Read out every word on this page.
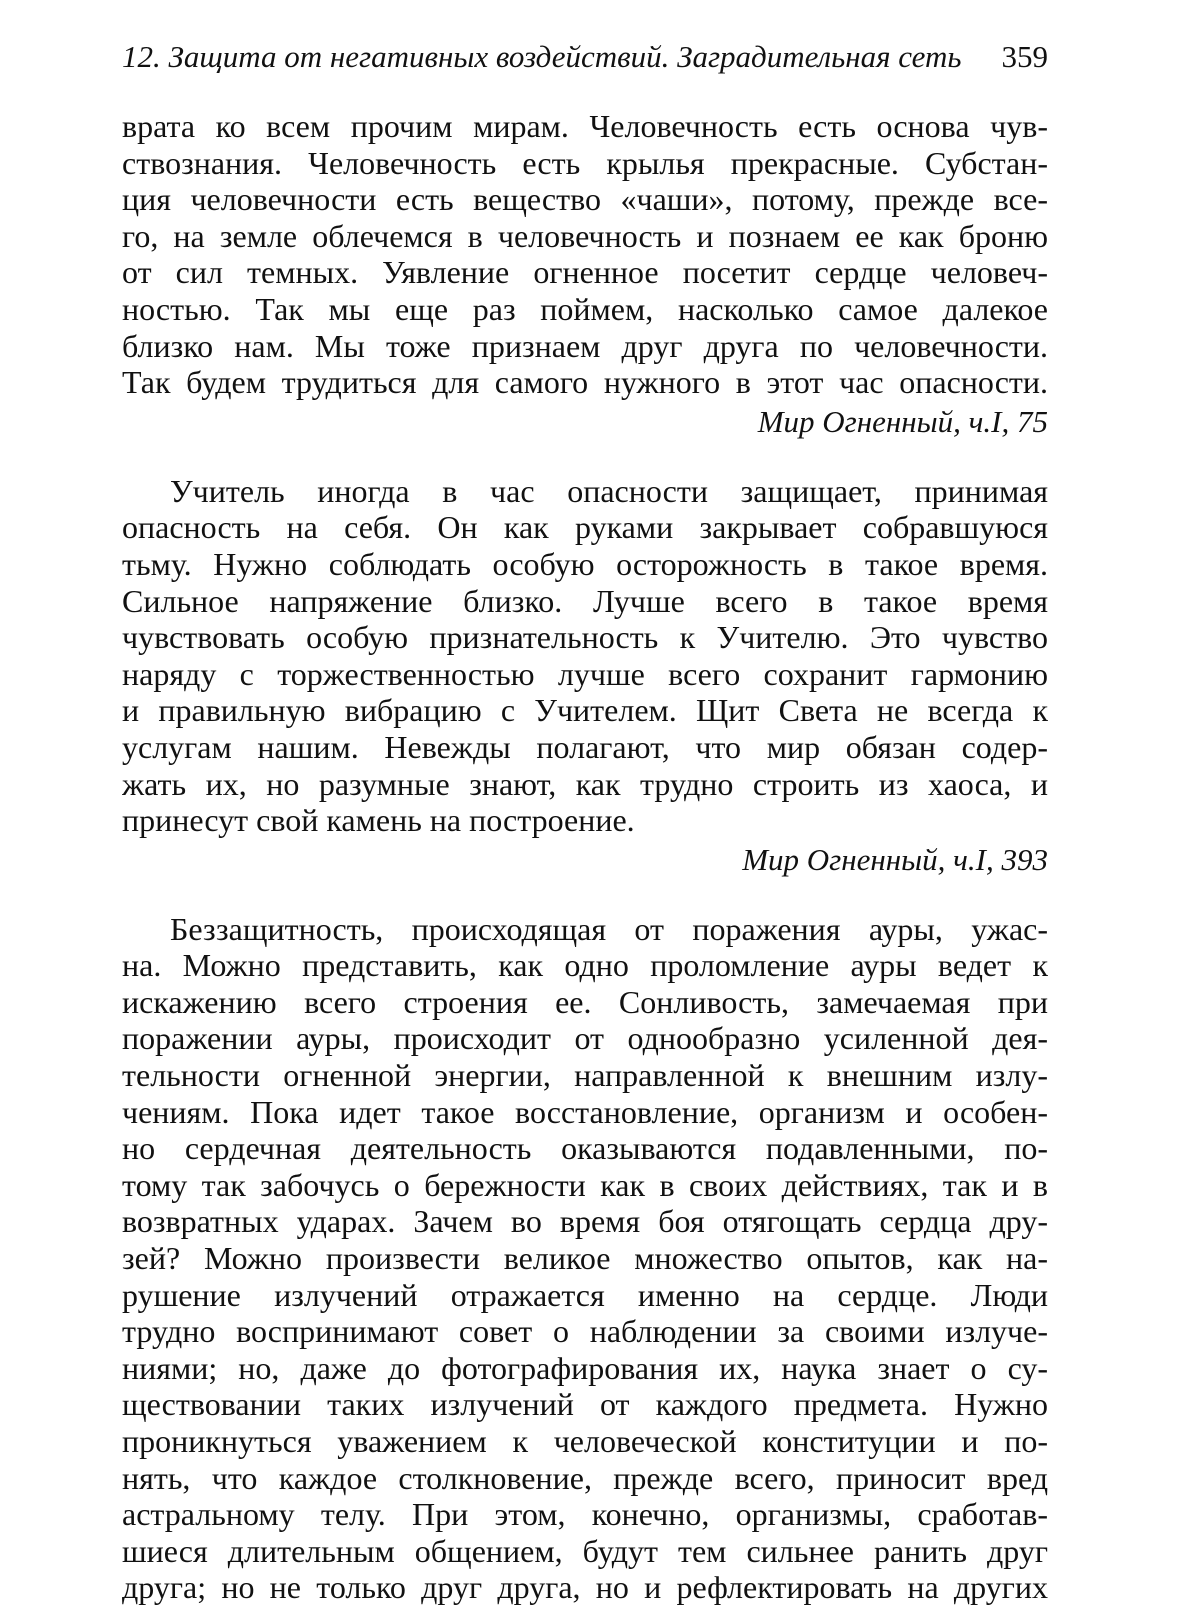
12. Защита от негативных воздействий. Заградительная сеть 359
врата ко всем прочим мирам. Человечность есть основа чув-
ствознания. Человечность есть крылья прекрасные. Субстан-
ция человечности есть вещество «чаши», потому, прежде все-
го, на земле облечемся в человечность и познаем ее как броню
от сил темных. Уявление огненное посетит сердце человеч-
ностью. Так мы еще раз поймем, насколько самое далекое
близко нам. Мы тоже признаем друг друга по человечности.
Так будем трудиться для самого нужного в этот час опасности.
Мир Огненный, ч.I, 75
Учитель иногда в час опасности защищает, принимая
опасность на себя. Он как руками закрывает собравшуюся
тьму. Нужно соблюдать особую осторожность в такое время.
Сильное напряжение близко. Лучше всего в такое время
чувствовать особую признательность к Учителю. Это чувство
наряду с торжественностью лучше всего сохранит гармонию
и правильную вибрацию с Учителем. Щит Света не всегда к
услугам нашим. Невежды полагают, что мир обязан содер-
жать их, но разумные знают, как трудно строить из хаоса, и
принесут свой камень на построение.
Мир Огненный, ч.I, 393
Беззащитность, происходящая от поражения ауры, ужас-
на. Можно представить, как одно проломление ауры ведет к
искажению всего строения ее. Сонливость, замечаемая при
поражении ауры, происходит от однообразно усиленной дея-
тельности огненной энергии, направленной к внешним излу-
чениям. Пока идет такое восстановление, организм и особен-
но сердечная деятельность оказываются подавленными, по-
тому так забочусь о бережности как в своих действиях, так и в
возвратных ударах. Зачем во время боя отягощать сердца дру-
зей? Можно произвести великое множество опытов, как на-
рушение излучений отражается именно на сердце. Люди
трудно воспринимают совет о наблюдении за своими излуче-
ниями; но, даже до фотографирования их, наука знает о су-
ществовании таких излучений от каждого предмета. Нужно
проникнуться уважением к человеческой конституции и по-
нять, что каждое столкновение, прежде всего, приносит вред
астральному телу. При этом, конечно, организмы, сработав-
шиеся длительным общением, будут тем сильнее ранить друг
друга; но не только друг друга, но и рефлектировать на других
